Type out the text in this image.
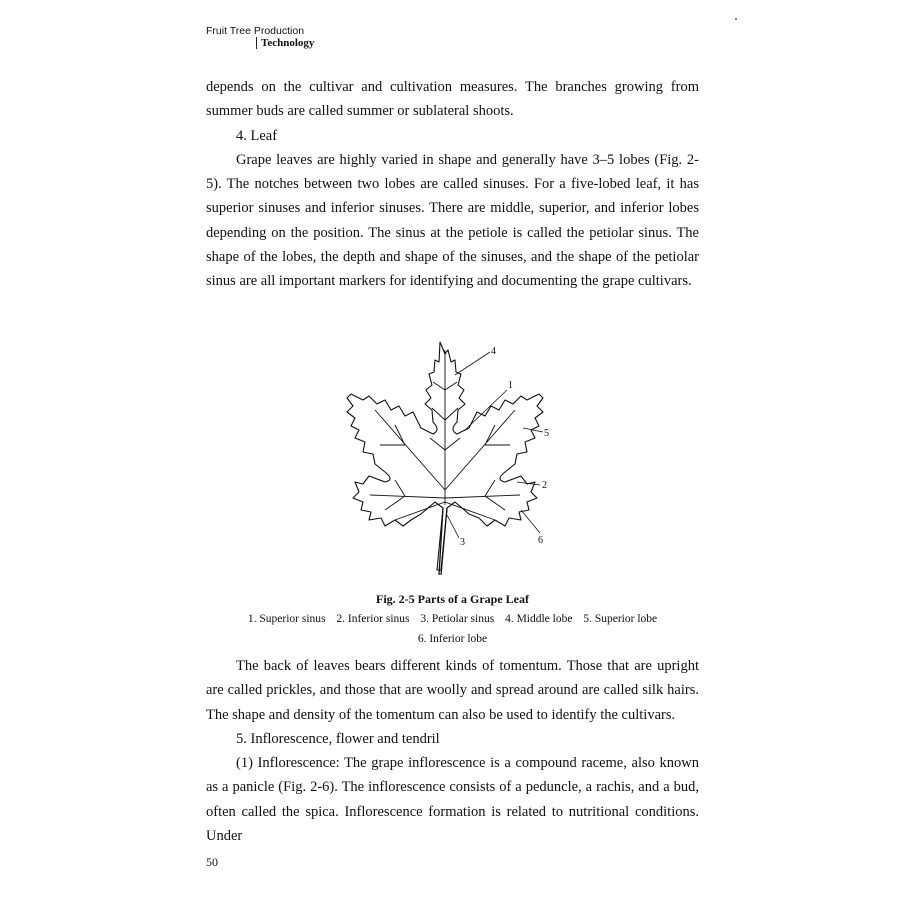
Fruit Tree Production
Technology

depends on the cultivar and cultivation measures. The branches growing from summer buds are called summer or sublateral shoots.

4. Leaf

Grape leaves are highly varied in shape and generally have 3–5 lobes (Fig. 2-5). The notches between two lobes are called sinuses. For a five-lobed leaf, it has superior sinuses and inferior sinuses. There are middle, superior, and inferior lobes depending on the position. The sinus at the petiole is called the petiolar sinus. The shape of the lobes, the depth and shape of the sinuses, and the shape of the petiolar sinus are all important markers for identifying and documenting the grape cultivars.

4
1
5
2
6
3
Fig. 2-5 Parts of a Grape Leaf
1. Superior sinus 2. Inferior sinus 3. Petiolar sinus 4. Middle lobe 5. Superior lobe
6. Inferior lobe

The back of leaves bears different kinds of tomentum. Those that are upright are called prickles, and those that are woolly and spread around are called silk hairs. The shape and density of the tomentum can also be used to identify the cultivars.

5. Inflorescence, flower and tendril

(1) Inflorescence: The grape inflorescence is a compound raceme, also known as a panicle (Fig. 2-6). The inflorescence consists of a peduncle, a rachis, and a bud, often called the spica. Inflorescence formation is related to nutritional conditions. Under

50
